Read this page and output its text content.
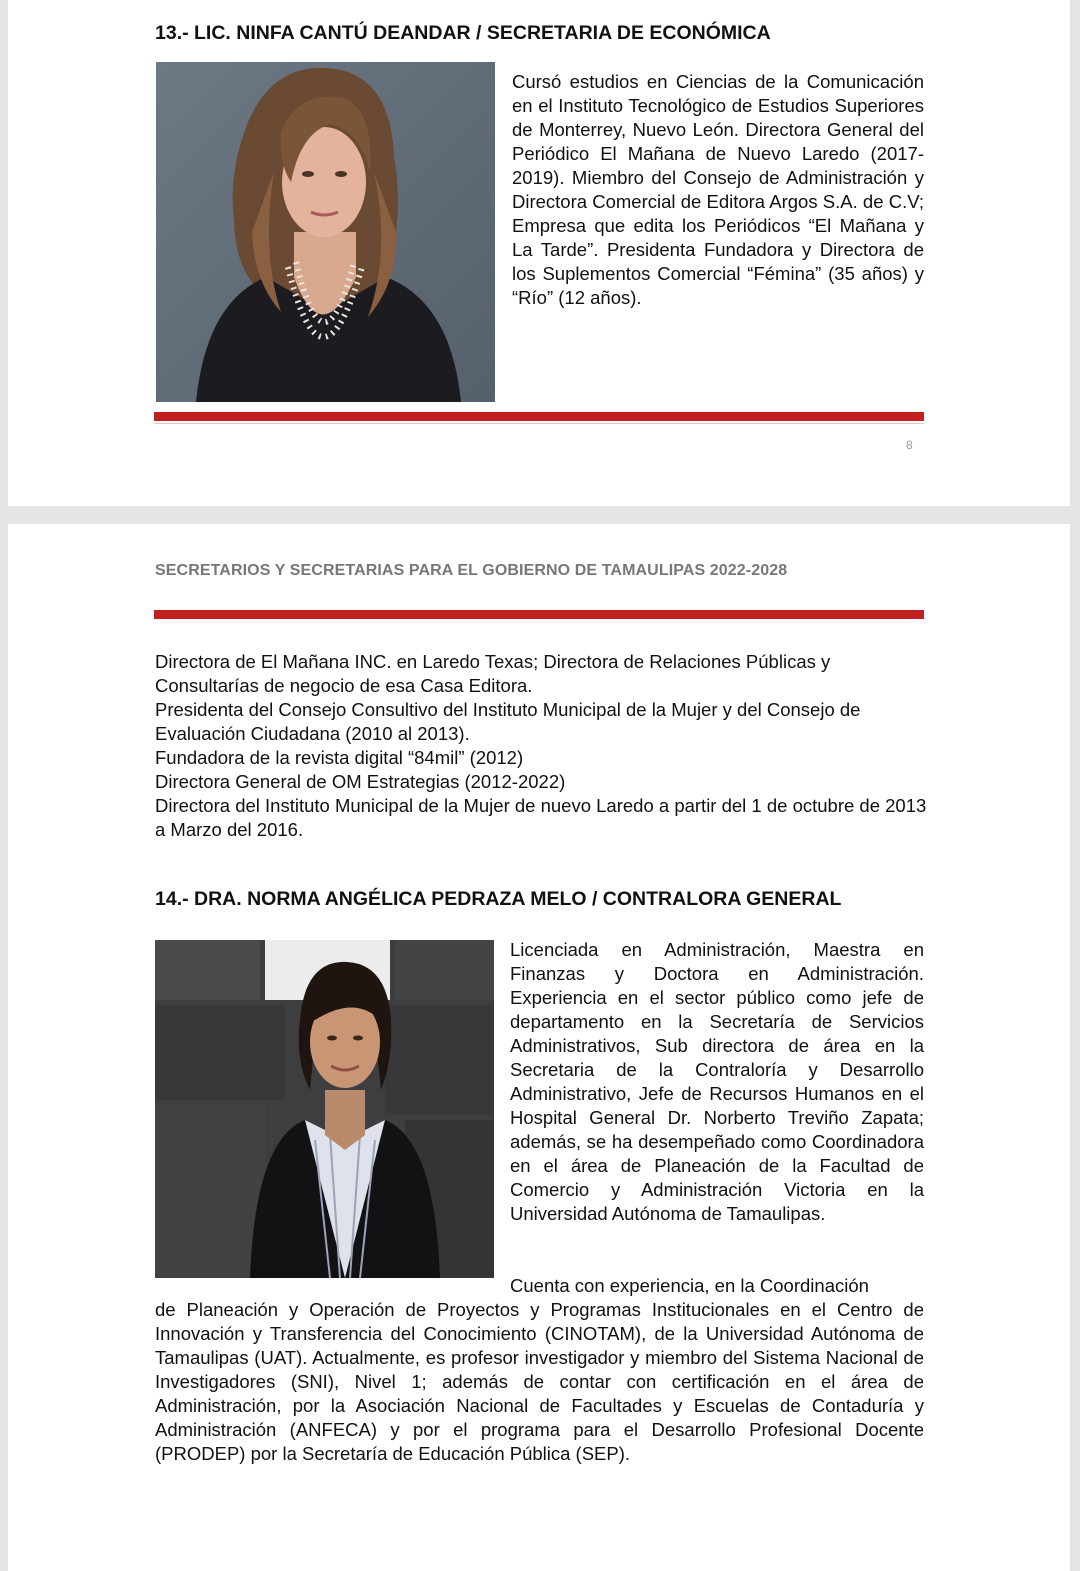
13.- LIC. NINFA CANTÚ DEANDAR / SECRETARIA DE ECONÓMICA

Cursó estudios en Ciencias de la Comunicación en el Instituto Tecnológico de Estudios Superiores de Monterrey, Nuevo León. Directora General del Periódico El Mañana de Nuevo Laredo (2017-2019). Miembro del Consejo de Administración y Directora Comercial de Editora Argos S.A. de C.V; Empresa que edita los Periódicos “El Mañana y La Tarde”. Presidenta Fundadora y Directora de los Suplementos Comercial “Fémina” (35 años) y “Río” (12 años).

8
SECRETARIOS Y SECRETARIAS PARA EL GOBIERNO DE TAMAULIPAS 2022-2028

Directora de El Mañana INC. en Laredo Texas; Directora de Relaciones Públicas y Consultarías de negocio de esa Casa Editora.

Presidenta del Consejo Consultivo del Instituto Municipal de la Mujer y del Consejo de Evaluación Ciudadana (2010 al 2013).

Fundadora de la revista digital “84mil” (2012)

Directora General de OM Estrategias (2012-2022)

Directora del Instituto Municipal de la Mujer de nuevo Laredo a partir del 1 de octubre de 2013 a Marzo del 2016.

14.- DRA. NORMA ANGÉLICA PEDRAZA MELO / CONTRALORA GENERAL

Licenciada en Administración, Maestra en Finanzas y Doctora en Administración. Experiencia en el sector público como jefe de departamento en la Secretaría de Servicios Administrativos, Sub directora de área en la Secretaria de la Contraloría y Desarrollo Administrativo, Jefe de Recursos Humanos en el Hospital General Dr. Norberto Treviño Zapata; además, se ha desempeñado como Coordinadora en el área de Planeación de la Facultad de Comercio y Administración Victoria en la Universidad Autónoma de Tamaulipas.

Cuenta con experiencia, en la Coordinación

de Planeación y Operación de Proyectos y Programas Institucionales en el Centro de Innovación y Transferencia del Conocimiento (CINOTAM), de la Universidad Autónoma de Tamaulipas (UAT). Actualmente, es profesor investigador y miembro del Sistema Nacional de Investigadores (SNI), Nivel 1; además de contar con certificación en el área de Administración, por la Asociación Nacional de Facultades y Escuelas de Contaduría y Administración (ANFECA) y por el programa para el Desarrollo Profesional Docente (PRODEP) por la Secretaría de Educación Pública (SEP).
